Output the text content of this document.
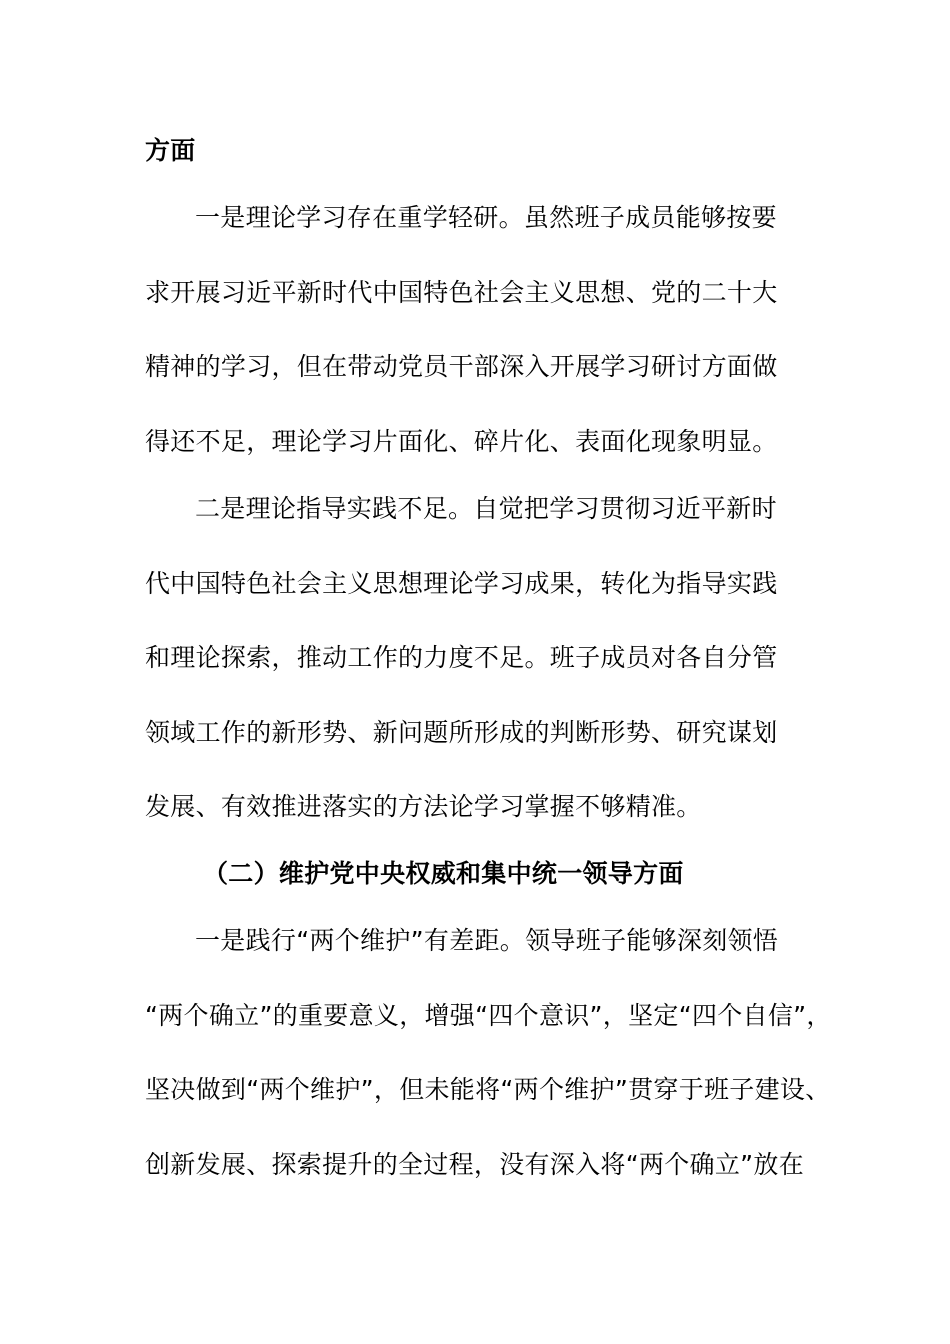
方面
一是理论学习存在重学轻研。虽然班子成员能够按要
求开展习近平新时代中国特色社会主义思想、党的二十大
精神的学习，但在带动党员干部深入开展学习研讨方面做
得还不足，理论学习片面化、碎片化、表面化现象明显。
二是理论指导实践不足。自觉把学习贯彻习近平新时
代中国特色社会主义思想理论学习成果，转化为指导实践
和理论探索，推动工作的力度不足。班子成员对各自分管
领域工作的新形势、新问题所形成的判断形势、研究谋划
发展、有效推进落实的方法论学习掌握不够精准。
（二）维护党中央权威和集中统一领导方面
一是践行“两个维护”有差距。领导班子能够深刻领悟
“两个确立”的重要意义，增强“四个意识”，坚定“四个自信”，
坚决做到“两个维护”，但未能将“两个维护”贯穿于班子建设、
创新发展、探索提升的全过程，没有深入将“两个确立”放在
